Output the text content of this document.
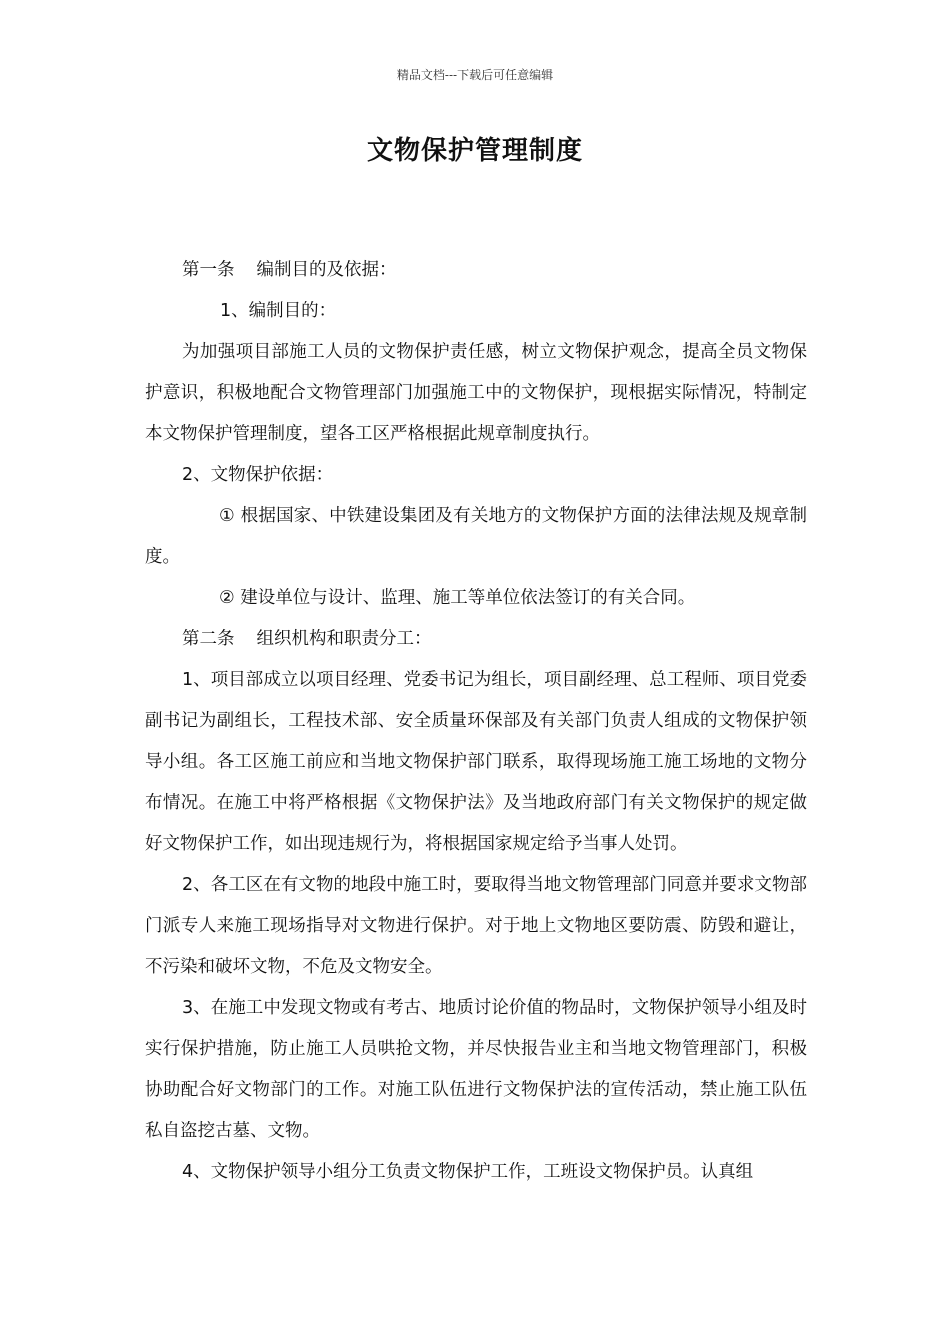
精品文档---下载后可任意编辑
文物保护管理制度

第一条 编制目的及依据：

1、编制目的：

为加强项目部施工人员的文物保护责任感，树立文物保护观念，提高全员文物保护意识，积极地配合文物管理部门加强施工中的文物保护，现根据实际情况，特制定本文物保护管理制度，望各工区严格根据此规章制度执行。

2、文物保护依据：

① 根据国家、中铁建设集团及有关地方的文物保护方面的法律法规及规章制度。

② 建设单位与设计、监理、施工等单位依法签订的有关合同。

第二条 组织机构和职责分工：

1、项目部成立以项目经理、党委书记为组长，项目副经理、总工程师、项目党委副书记为副组长，工程技术部、安全质量环保部及有关部门负责人组成的文物保护领导小组。各工区施工前应和当地文物保护部门联系，取得现场施工施工场地的文物分布情况。在施工中将严格根据《文物保护法》及当地政府部门有关文物保护的规定做好文物保护工作，如出现违规行为，将根据国家规定给予当事人处罚。

2、各工区在有文物的地段中施工时，要取得当地文物管理部门同意并要求文物部门派专人来施工现场指导对文物进行保护。对于地上文物地区要防震、防毁和避让，不污染和破坏文物，不危及文物安全。

3、在施工中发现文物或有考古、地质讨论价值的物品时，文物保护领导小组及时实行保护措施，防止施工人员哄抢文物，并尽快报告业主和当地文物管理部门，积极协助配合好文物部门的工作。对施工队伍进行文物保护法的宣传活动，禁止施工队伍私自盗挖古墓、文物。

4、文物保护领导小组分工负责文物保护工作，工班设文物保护员。认真组
